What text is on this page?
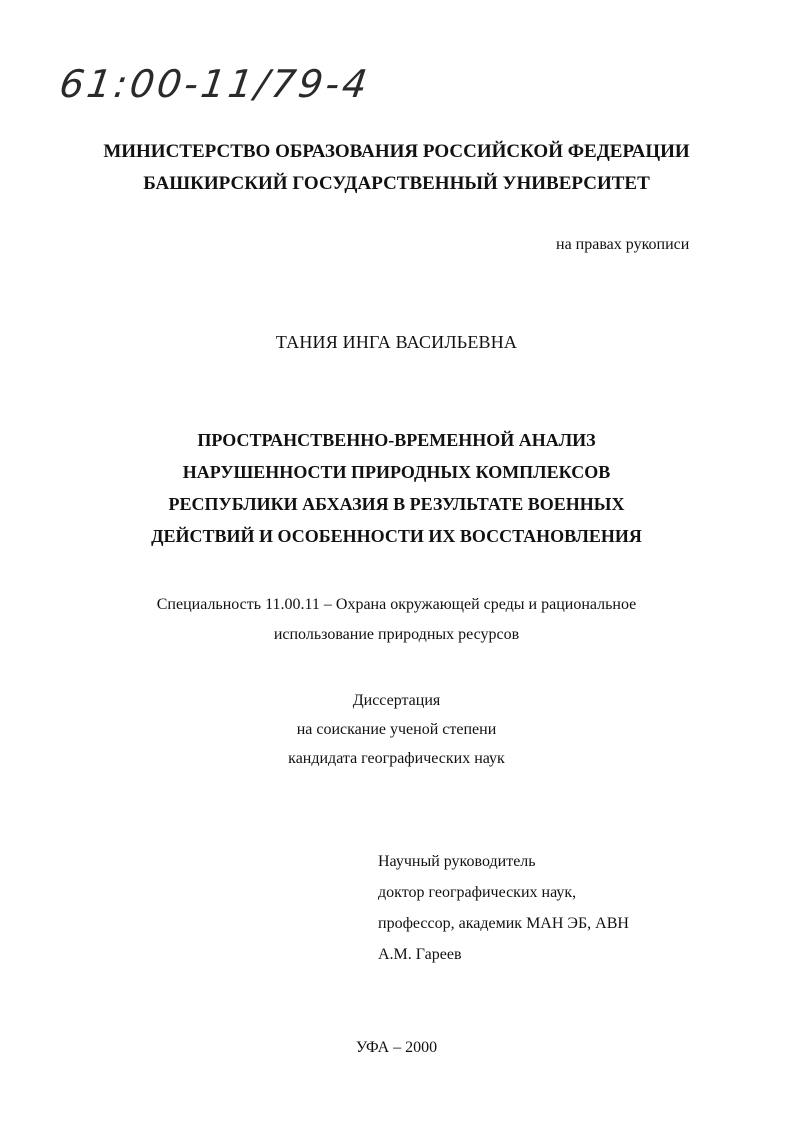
61:00-11/79-4
МИНИСТЕРСТВО ОБРАЗОВАНИЯ РОССИЙСКОЙ ФЕДЕРАЦИИ
БАШКИРСКИЙ ГОСУДАРСТВЕННЫЙ УНИВЕРСИТЕТ
на правах рукописи
ТАНИЯ ИНГА ВАСИЛЬЕВНА
ПРОСТРАНСТВЕННО-ВРЕМЕННОЙ АНАЛИЗ
НАРУШЕННОСТИ ПРИРОДНЫХ КОМПЛЕКСОВ
РЕСПУБЛИКИ АБХАЗИЯ В РЕЗУЛЬТАТЕ ВОЕННЫХ
ДЕЙСТВИЙ И ОСОБЕННОСТИ ИХ ВОССТАНОВЛЕНИЯ
Специальность 11.00.11 – Охрана окружающей среды и рациональное
использование природных ресурсов
Диссертация
на соискание ученой степени
кандидата географических наук
Научный руководитель
доктор географических наук,
профессор, академик МАН ЭБ, АВН
А.М. Гареев
УФА – 2000
